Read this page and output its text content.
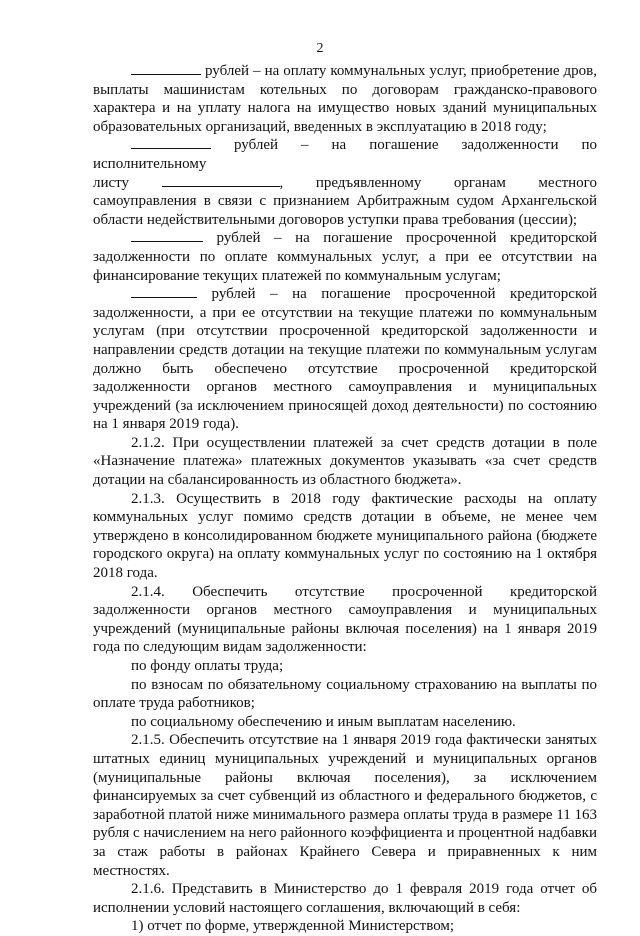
2

рублей – на оплату коммунальных услуг, приобретение дров, выплаты машинистам котельных по договорам гражданско-правового характера и на уплату налога на имущество новых зданий муниципальных образовательных организаций, введенных в эксплуатацию в 2018 году;

рублей – на погашение задолженности по исполнительному

листу	, предъявленному органам местного

самоуправления в связи с признанием Арбитражным судом Архангельской области недействительными договоров уступки права требования (цессии);

рублей – на погашение просроченной кредиторской задолженности по оплате коммунальных услуг, а при ее отсутствии на финансирование текущих платежей по коммунальным услугам;

рублей – на погашение просроченной кредиторской задолженности, а при ее отсутствии на текущие платежи по коммунальным услугам (при отсутствии просроченной кредиторской задолженности и направлении средств дотации на текущие платежи по коммунальным услугам должно быть обеспечено отсутствие просроченной кредиторской задолженности органов местного самоуправления и муниципальных учреждений (за исключением приносящей доход деятельности) по состоянию на 1 января 2019 года).

2.1.2. При осуществлении платежей за счет средств дотации в поле «Назначение платежа» платежных документов указывать «за счет средств дотации на сбалансированность из областного бюджета».

2.1.3. Осуществить в 2018 году фактические расходы на оплату коммунальных услуг помимо средств дотации в объеме, не менее чем утверждено в консолидированном бюджете муниципального района (бюджете городского округа) на оплату коммунальных услуг по состоянию на 1 октября 2018 года.

2.1.4. Обеспечить отсутствие просроченной кредиторской задолженности органов местного самоуправления и муниципальных учреждений (муниципальные районы включая поселения) на 1 января 2019 года по следующим видам задолженности:

по фонду оплаты труда;

по взносам по обязательному социальному страхованию на выплаты по оплате труда работников;

по социальному обеспечению и иным выплатам населению.

2.1.5. Обеспечить отсутствие на 1 января 2019 года фактически занятых штатных единиц муниципальных учреждений и муниципальных органов (муниципальные районы включая поселения), за исключением финансируемых за счет субвенций из областного и федерального бюджетов, с заработной платой ниже минимального размера оплаты труда в размере 11 163 рубля с начислением на него районного коэффициента и процентной надбавки за стаж работы в районах Крайнего Севера и приравненных к ним местностях.

2.1.6. Представить в Министерство до 1 февраля 2019 года отчет об исполнении условий настоящего соглашения, включающий в себя:

1) отчет по форме, утвержденной Министерством;
